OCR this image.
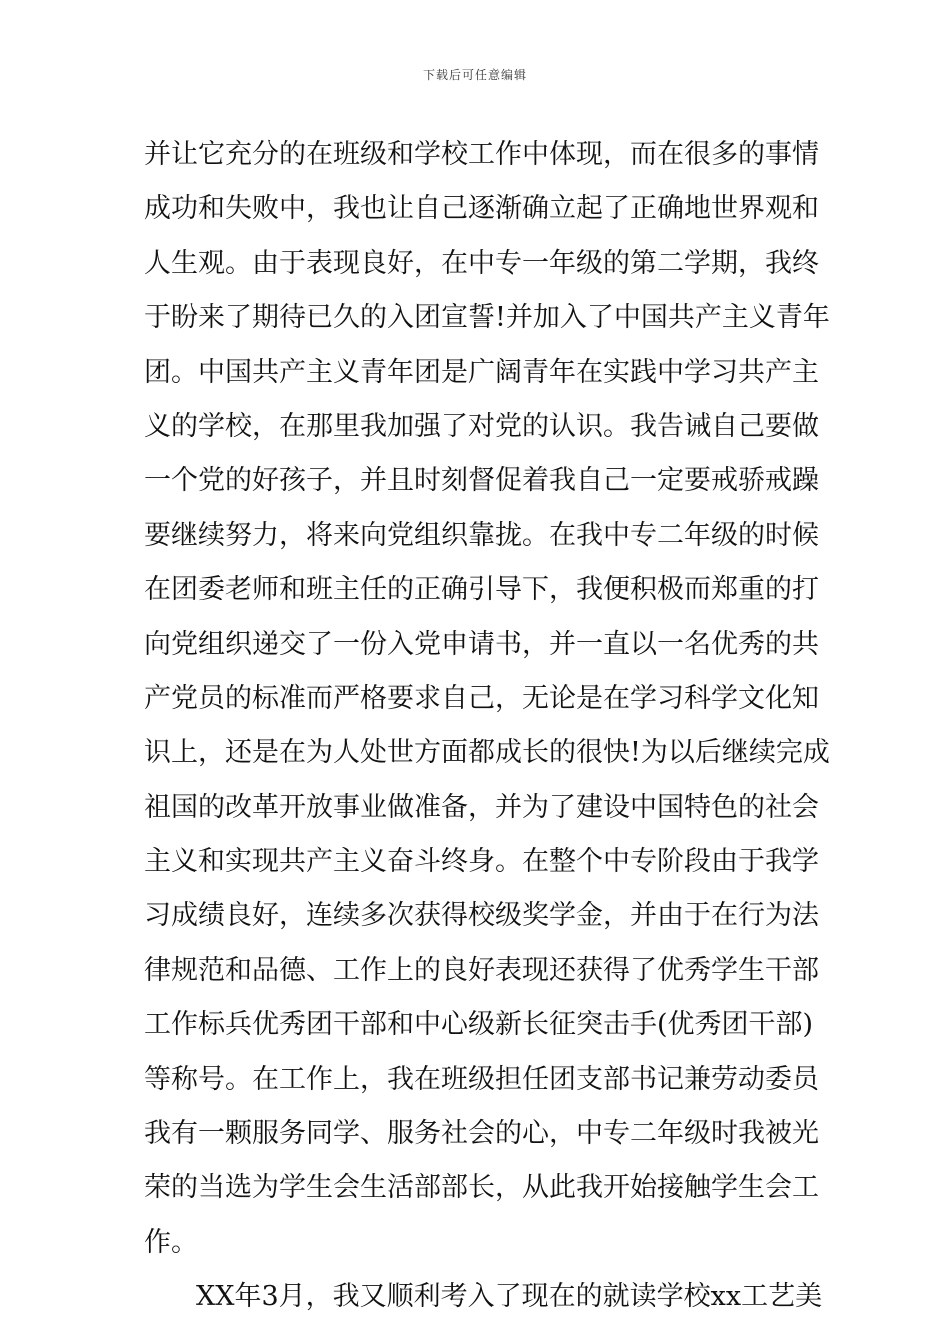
下载后可任意编辑
并让它充分的在班级和学校工作中体现，而在很多的事情
成功和失败中，我也让自己逐渐确立起了正确地世界观和
人生观。由于表现良好，在中专一年级的第二学期，我终
于盼来了期待已久的入团宣誓!并加入了中国共产主义青年
团。中国共产主义青年团是广阔青年在实践中学习共产主
义的学校，在那里我加强了对党的认识。我告诫自己要做
一个党的好孩子，并且时刻督促着我自己一定要戒骄戒躁
要继续努力，将来向党组织靠拢。在我中专二年级的时候
在团委老师和班主任的正确引导下，我便积极而郑重的打
向党组织递交了一份入党申请书，并一直以一名优秀的共
产党员的标准而严格要求自己，无论是在学习科学文化知
识上，还是在为人处世方面都成长的很快!为以后继续完成
祖国的改革开放事业做准备，并为了建设中国特色的社会
主义和实现共产主义奋斗终身。在整个中专阶段由于我学
习成绩良好，连续多次获得校级奖学金，并由于在行为法
律规范和品德、工作上的良好表现还获得了优秀学生干部
工作标兵优秀团干部和中心级新长征突击手(优秀团干部)
等称号。在工作上，我在班级担任团支部书记兼劳动委员
我有一颗服务同学、服务社会的心，中专二年级时我被光
荣的当选为学生会生活部部长，从此我开始接触学生会工
作。
XX年3月，我又顺利考入了现在的就读学校xx工艺美
